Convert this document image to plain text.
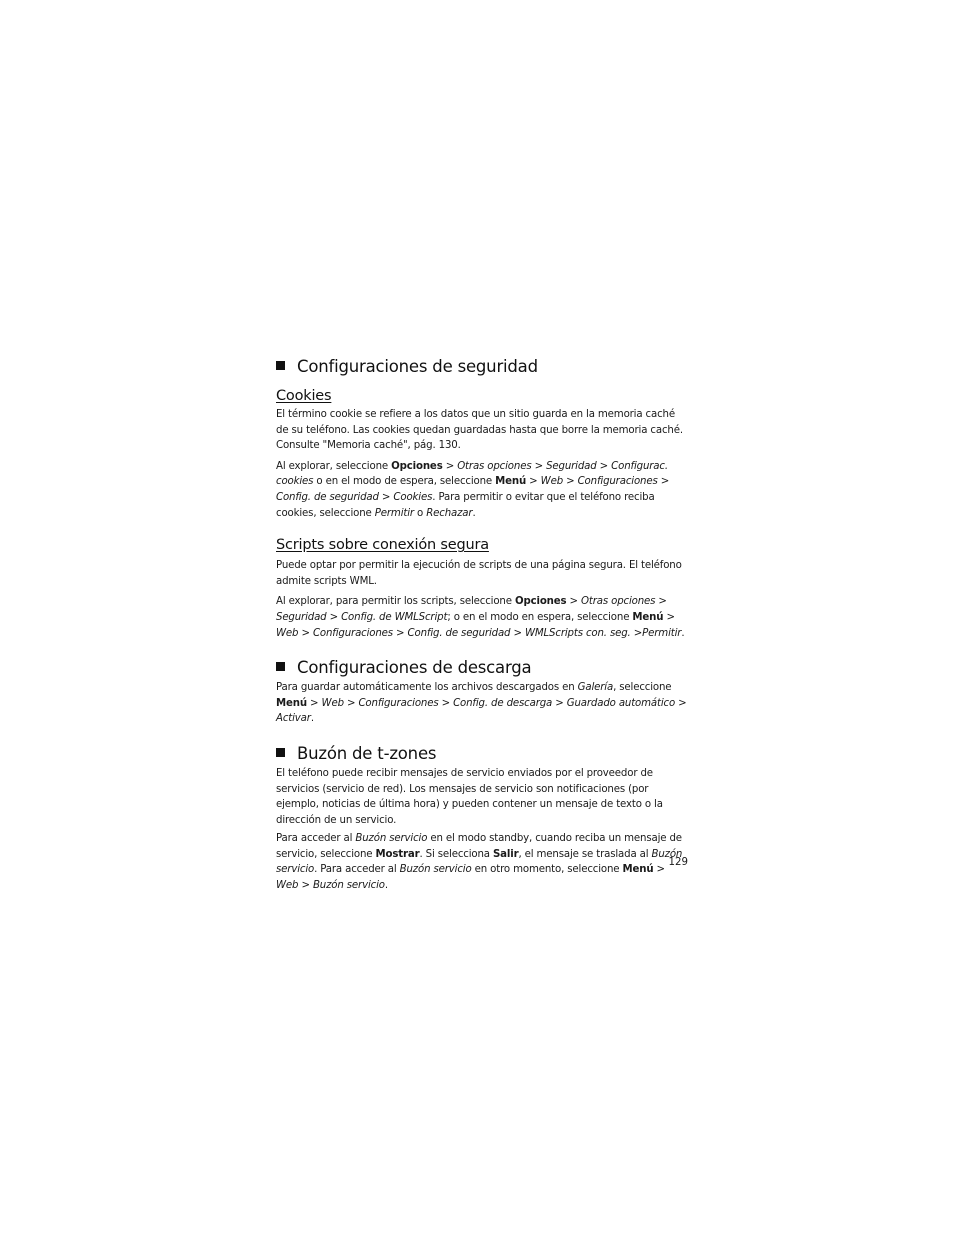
Configuraciones de seguridad
Cookies

El término cookie se refiere a los datos que un sitio guarda en la memoria caché de su teléfono. Las cookies quedan guardadas hasta que borre la memoria caché. Consulte "Memoria caché", pág. 130.

Al explorar, seleccione Opciones > Otras opciones > Seguridad > Configurac. cookies o en el modo de espera, seleccione Menú > Web > Configuraciones > Config. de seguridad > Cookies. Para permitir o evitar que el teléfono reciba cookies, seleccione Permitir o Rechazar.

Scripts sobre conexión segura

Puede optar por permitir la ejecución de scripts de una página segura. El teléfono admite scripts WML.

Al explorar, para permitir los scripts, seleccione Opciones > Otras opciones > Seguridad > Config. de WMLScript; o en el modo en espera, seleccione Menú > Web > Configuraciones > Config. de seguridad > WMLScripts con. seg. >Permitir.

Configuraciones de descarga

Para guardar automáticamente los archivos descargados en Galería, seleccione Menú > Web > Configuraciones > Config. de descarga > Guardado automático > Activar.

Buzón de t-zones

El teléfono puede recibir mensajes de servicio enviados por el proveedor de servicios (servicio de red). Los mensajes de servicio son notificaciones (por ejemplo, noticias de última hora) y pueden contener un mensaje de texto o la dirección de un servicio.

Para acceder al Buzón servicio en el modo standby, cuando reciba un mensaje de servicio, seleccione Mostrar. Si selecciona Salir, el mensaje se traslada al Buzón servicio. Para acceder al Buzón servicio en otro momento, seleccione Menú > Web > Buzón servicio.

129
